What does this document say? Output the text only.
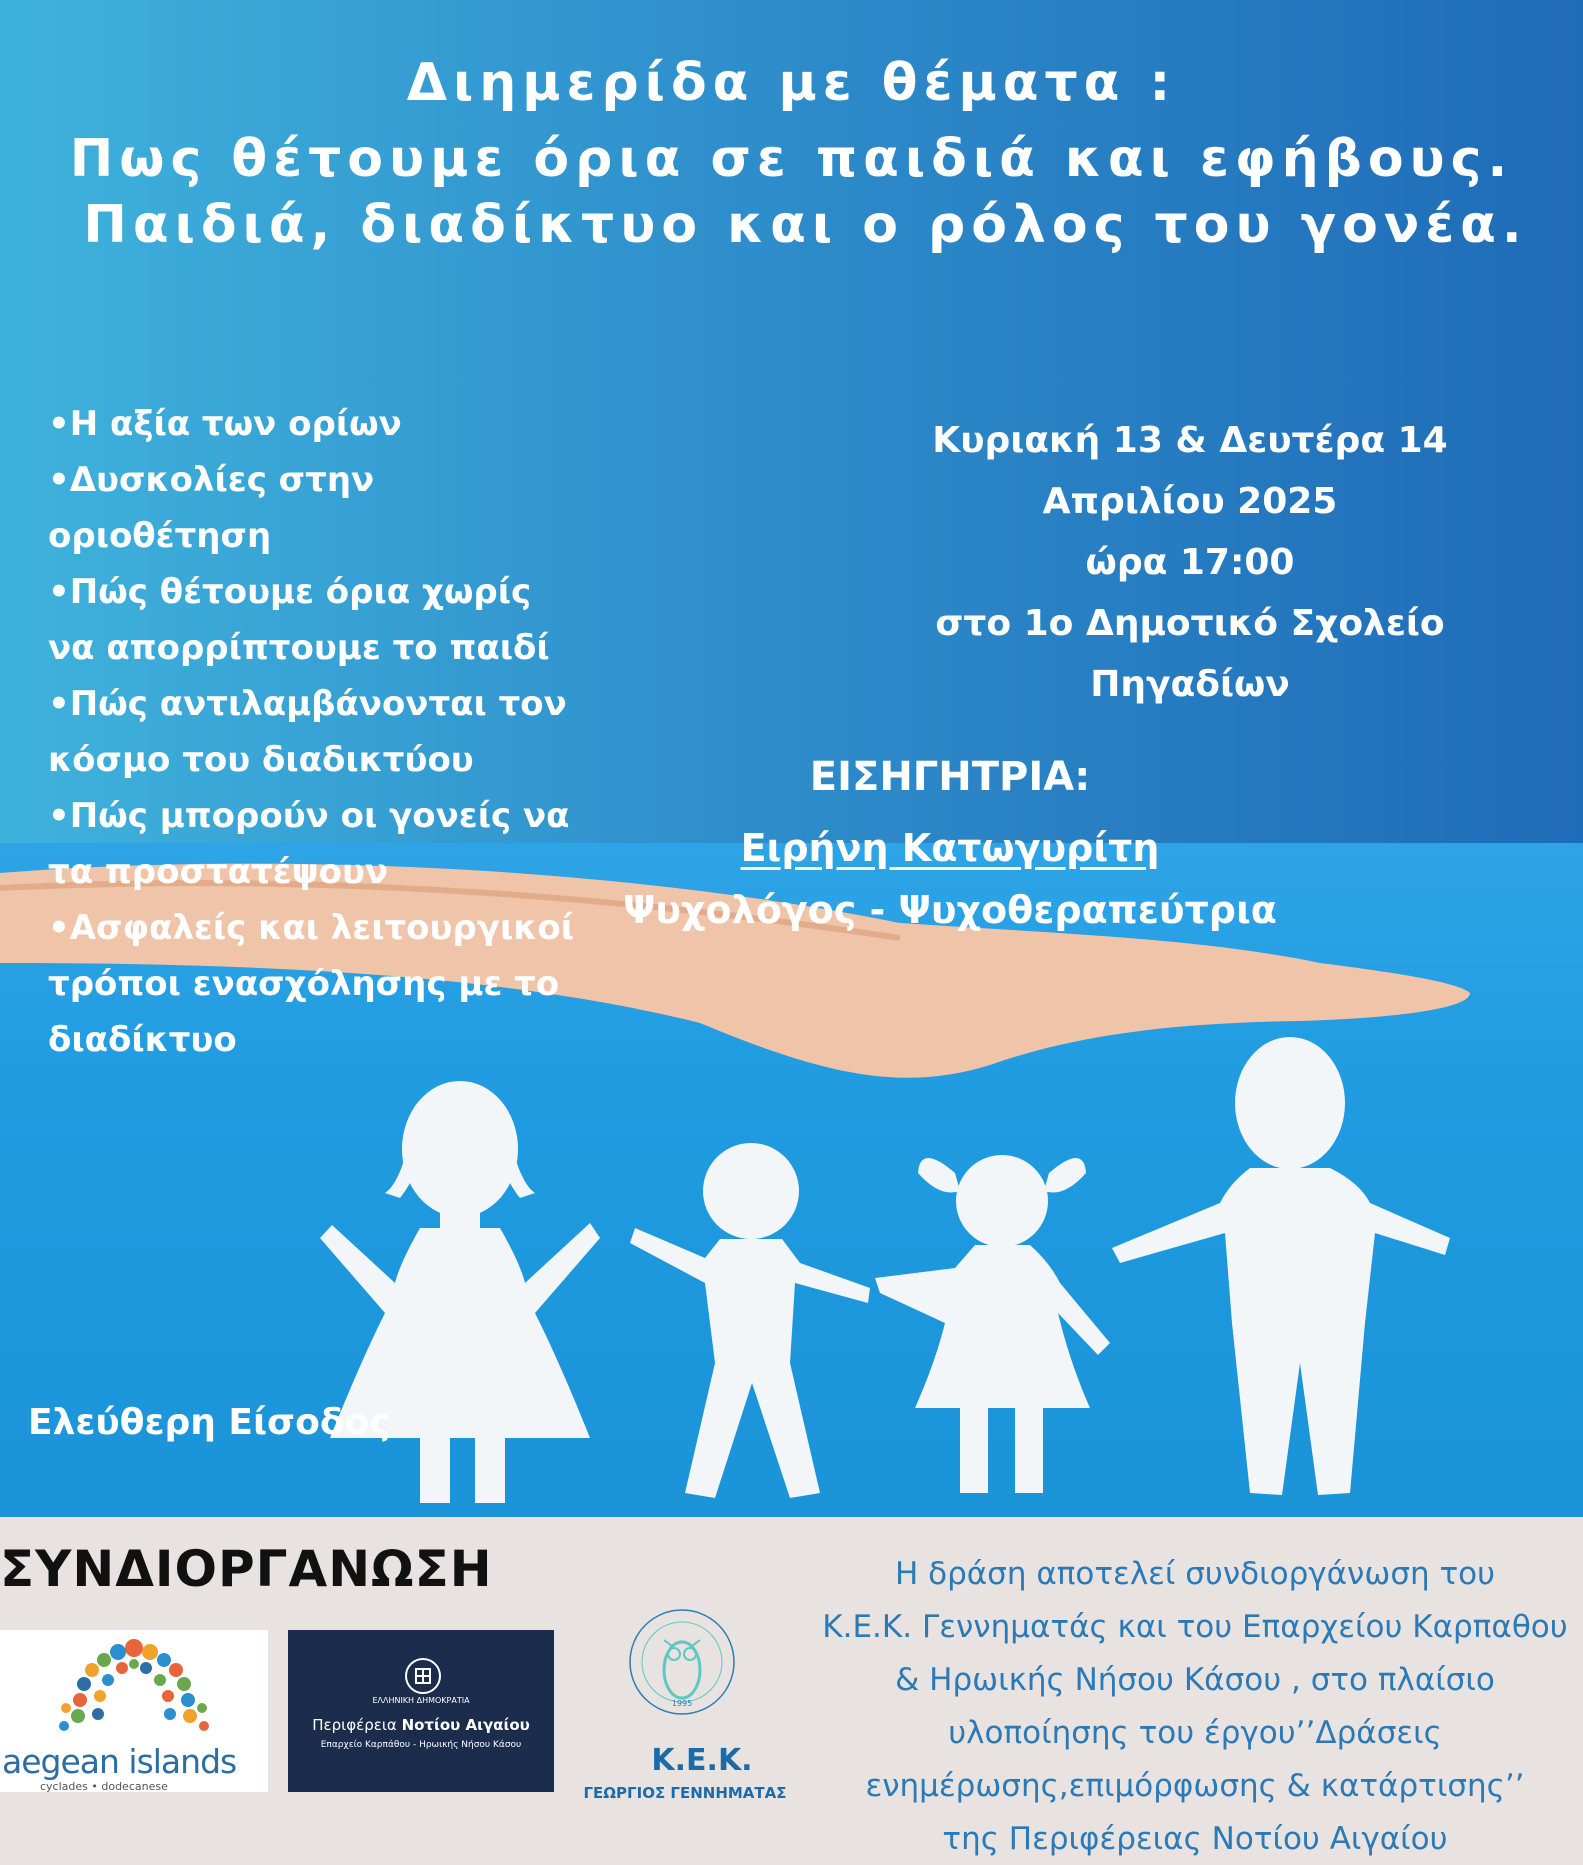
Διημερίδα με θέματα :
Πως θέτουμε όρια σε παιδιά και εφήβους.
Παιδιά, διαδίκτυο και ο ρόλος του γονέα.
•Η αξία των ορίων
•Δυσκολίες στην
οριοθέτηση
•Πώς θέτουμε όρια χωρίς
να απορρίπτουμε το παιδί
•Πώς αντιλαμβάνονται τον
κόσμο του διαδικτύου
•Πώς μπορούν οι γονείς να
τα προστατέψουν
•Ασφαλείς και λειτουργικοί
τρόποι ενασχόλησης με το
διαδίκτυο
Κυριακή 13 & Δευτέρα 14
Απριλίου 2025
ώρα 17:00
στο 1ο Δημοτικό Σχολείο
Πηγαδίων
ΕΙΣΗΓΗΤΡΙΑ:
Ειρήνη Κατωγυρίτη
Ψυχολόγος - Ψυχοθεραπεύτρια
Ελεύθερη Είσοδος
ΣΥΝΔΙΟΡΓΑΝΩΣΗ	Η δράση αποτελεί συνδιοργάνωση του
Κ.Ε.Κ. Γεννηματάς και του Επαρχείου Καρπαθου
& Ηρωικής Νήσου Κάσου , στο πλαίσιο
υλοποίησης του έργου’’Δράσεις
ενημέρωσης,επιμόρφωσης & κατάρτισης’’
της Περιφέρειας Νοτίου Αιγαίου
aegean islands
cyclades • dodecanese
ΕΛΛΗΝΙΚΗ ΔΗΜΟΚΡΑΤΙΑ
Περιφέρεια Νοτίου Αιγαίου
Επαρχείο Καρπάθου - Ηρωικής Νήσου Κάσου
1995
Κ.Ε.Κ.
ΓΕΩΡΓΙΟΣ ΓΕΝΝΗΜΑΤΑΣ
